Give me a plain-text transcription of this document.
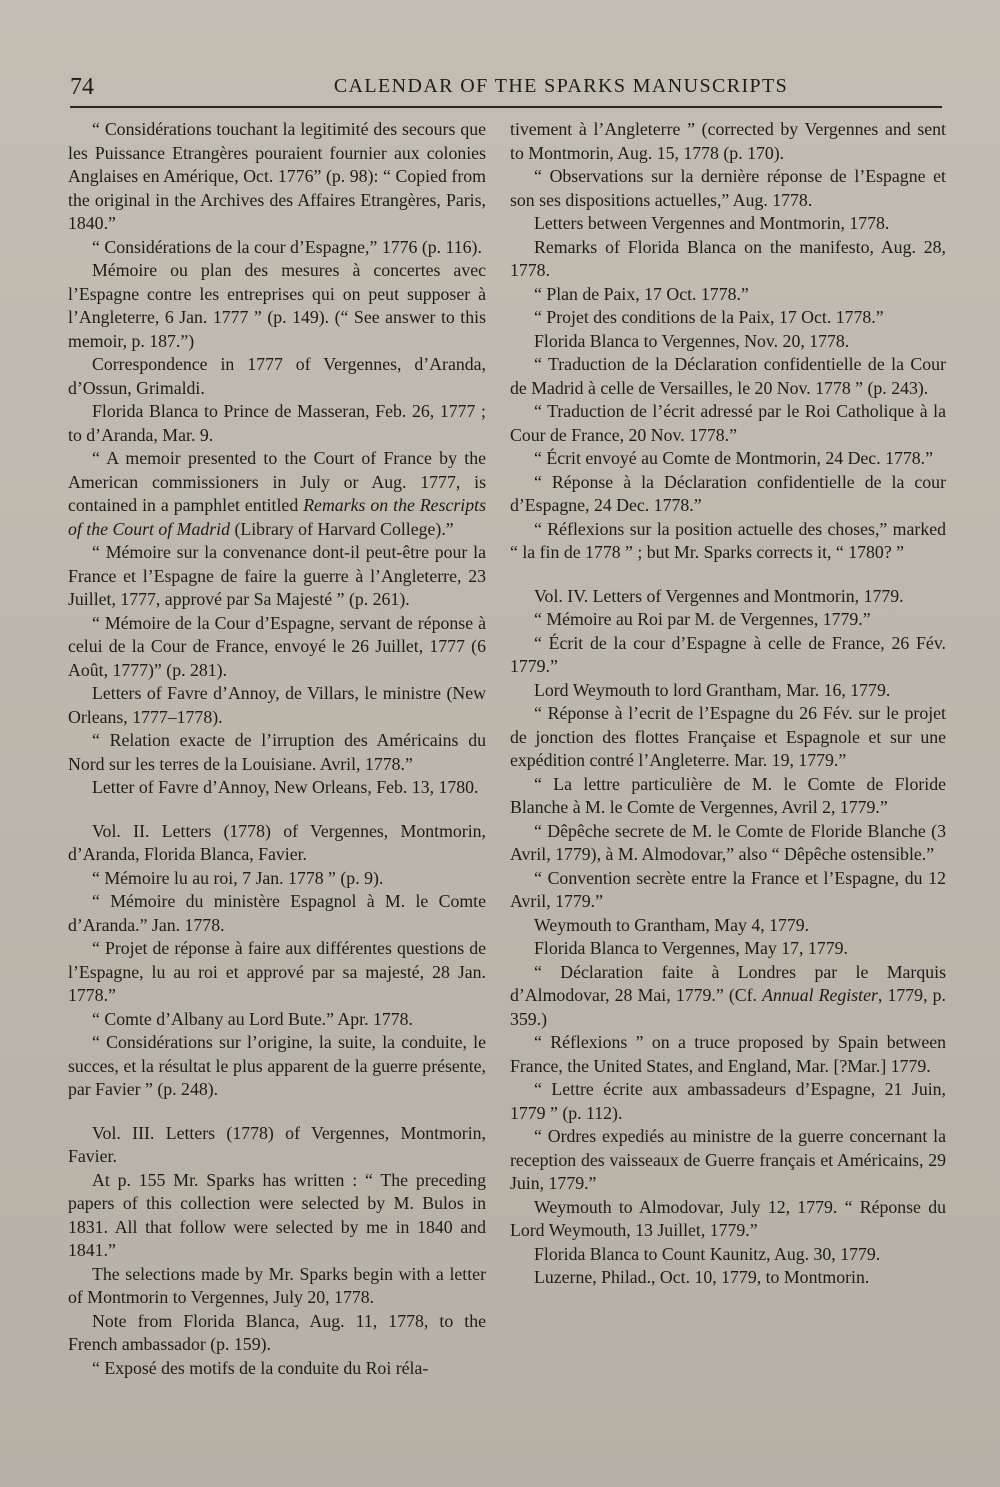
74	CALENDAR OF THE SPARKS MANUSCRIPTS

“ Considérations touchant la legitimité des secours que les Puissance Etrangères pouraient fournier aux colonies Anglaises en Amérique, Oct. 1776” (p. 98): “ Copied from the original in the Archives des Affaires Etrangères, Paris, 1840.”

“ Considérations de la cour d’Espagne,” 1776 (p. 116).

Mémoire ou plan des mesures à concertes avec l’Espagne contre les entreprises qui on peut supposer à l’Angleterre, 6 Jan. 1777 ” (p. 149). (“ See answer to this memoir, p. 187.”)

Correspondence in 1777 of Vergennes, d’Aranda, d’Ossun, Grimaldi.

Florida Blanca to Prince de Masseran, Feb. 26, 1777 ; to d’Aranda, Mar. 9.

“ A memoir presented to the Court of France by the American commissioners in July or Aug. 1777, is contained in a pamphlet entitled Remarks on the Rescripts of the Court of Madrid (Library of Harvard College).”

“ Mémoire sur la convenance dont-il peut-être pour la France et l’Espagne de faire la guerre à l’Angleterre, 23 Juillet, 1777, apprové par Sa Majesté ” (p. 261).

“ Mémoire de la Cour d’Espagne, servant de réponse à celui de la Cour de France, envoyé le 26 Juillet, 1777 (6 Août, 1777)” (p. 281).

Letters of Favre d’Annoy, de Villars, le ministre (New Orleans, 1777–1778).

“ Relation exacte de l’irruption des Américains du Nord sur les terres de la Louisiane. Avril, 1778.”

Letter of Favre d’Annoy, New Orleans, Feb. 13, 1780.

Vol. II. Letters (1778) of Vergennes, Montmorin, d’Aranda, Florida Blanca, Favier.

“ Mémoire lu au roi, 7 Jan. 1778 ” (p. 9).

“ Mémoire du ministère Espagnol à M. le Comte d’Aranda.” Jan. 1778.

“ Projet de réponse à faire aux différentes questions de l’Espagne, lu au roi et apprové par sa majesté, 28 Jan. 1778.”

“ Comte d’Albany au Lord Bute.” Apr. 1778.

“ Considérations sur l’origine, la suite, la conduite, le succes, et la résultat le plus apparent de la guerre présente, par Favier ” (p. 248).

Vol. III. Letters (1778) of Vergennes, Montmorin, Favier.

At p. 155 Mr. Sparks has written : “ The preceding papers of this collection were selected by M. Bulos in 1831. All that follow were selected by me in 1840 and 1841.”

The selections made by Mr. Sparks begin with a letter of Montmorin to Vergennes, July 20, 1778.

Note from Florida Blanca, Aug. 11, 1778, to the French ambassador (p. 159).

“ Exposé des motifs de la conduite du Roi réla-

tivement à l’Angleterre ” (corrected by Vergennes and sent to Montmorin, Aug. 15, 1778 (p. 170).

“ Observations sur la dernière réponse de l’Espagne et son ses dispositions actuelles,” Aug. 1778.

Letters between Vergennes and Montmorin, 1778.

Remarks of Florida Blanca on the manifesto, Aug. 28, 1778.

“ Plan de Paix, 17 Oct. 1778.”

“ Projet des conditions de la Paix, 17 Oct. 1778.”

Florida Blanca to Vergennes, Nov. 20, 1778.

“ Traduction de la Déclaration confidentielle de la Cour de Madrid à celle de Versailles, le 20 Nov. 1778 ” (p. 243).

“ Traduction de l’écrit adressé par le Roi Catholique à la Cour de France, 20 Nov. 1778.”

“ Écrit envoyé au Comte de Montmorin, 24 Dec. 1778.”

“ Réponse à la Déclaration confidentielle de la cour d’Espagne, 24 Dec. 1778.”

“ Réflexions sur la position actuelle des choses,” marked “ la fin de 1778 ” ; but Mr. Sparks corrects it, “ 1780? ”

Vol. IV. Letters of Vergennes and Montmorin, 1779.

“ Mémoire au Roi par M. de Vergennes, 1779.”

“ Écrit de la cour d’Espagne à celle de France, 26 Fév. 1779.”

Lord Weymouth to lord Grantham, Mar. 16, 1779.

“ Réponse à l’ecrit de l’Espagne du 26 Fév. sur le projet de jonction des flottes Française et Espagnole et sur une expédition contré l’Angleterre. Mar. 19, 1779.”

“ La lettre particulière de M. le Comte de Floride Blanche à M. le Comte de Vergennes, Avril 2, 1779.”

“ Dêpêche secrete de M. le Comte de Floride Blanche (3 Avril, 1779), à M. Almodovar,” also “ Dêpêche ostensible.”

“ Convention secrète entre la France et l’Espagne, du 12 Avril, 1779.”

Weymouth to Grantham, May 4, 1779.

Florida Blanca to Vergennes, May 17, 1779.

“ Déclaration faite à Londres par le Marquis d’Almodovar, 28 Mai, 1779.” (Cf. Annual Register, 1779, p. 359.)

“ Réflexions ” on a truce proposed by Spain between France, the United States, and England, Mar. [?Mar.] 1779.

“ Lettre écrite aux ambassadeurs d’Espagne, 21 Juin, 1779 ” (p. 112).

“ Ordres expediés au ministre de la guerre concernant la reception des vaisseaux de Guerre français et Américains, 29 Juin, 1779.”

Weymouth to Almodovar, July 12, 1779. “ Réponse du Lord Weymouth, 13 Juillet, 1779.”

Florida Blanca to Count Kaunitz, Aug. 30, 1779.

Luzerne, Philad., Oct. 10, 1779, to Montmorin.
